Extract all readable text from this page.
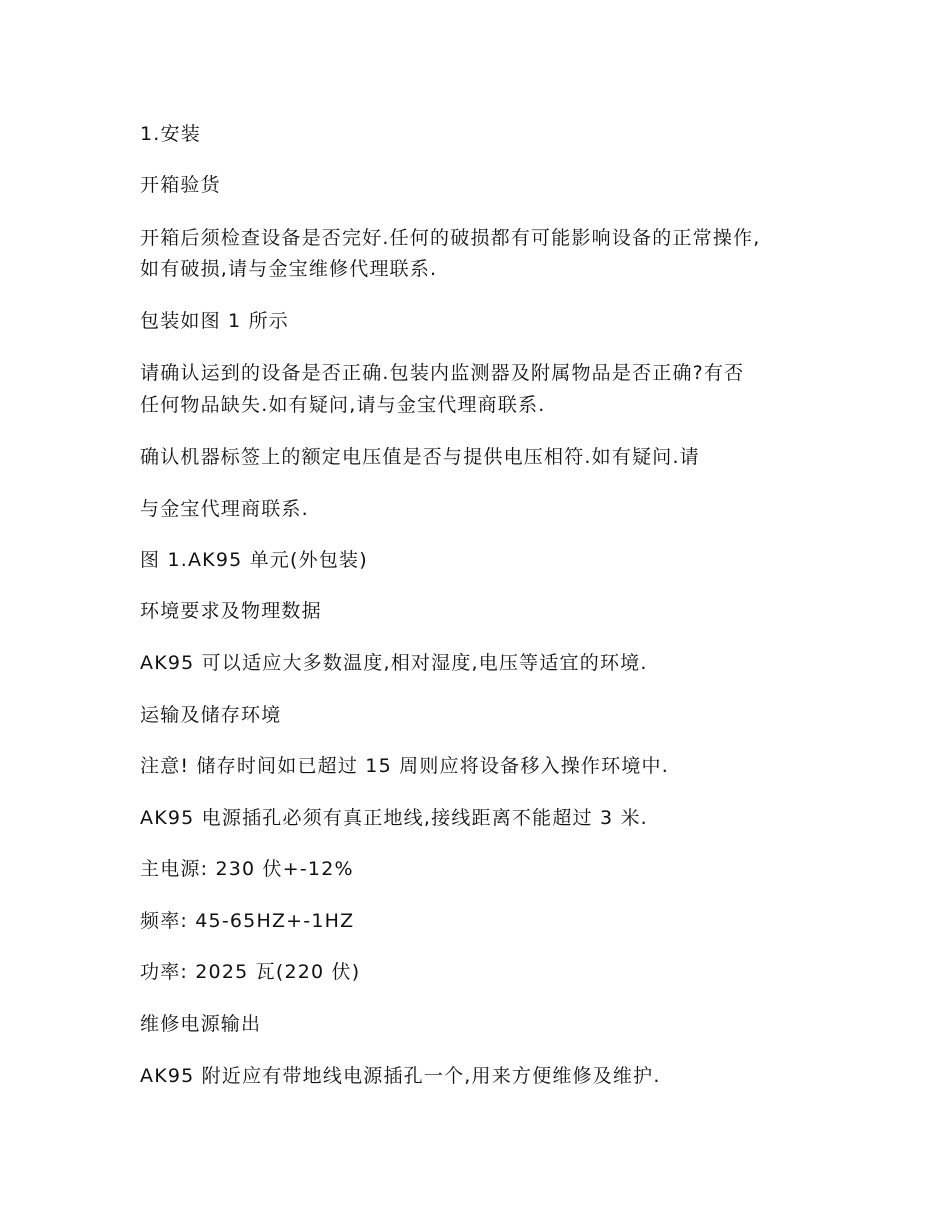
1.安装
开箱验货
开箱后须检查设备是否完好.任何的破损都有可能影响设备的正常操作,
如有破损,请与金宝维修代理联系.
包装如图 1 所示
请确认运到的设备是否正确.包装内监测器及附属物品是否正确?有否
任何物品缺失.如有疑问,请与金宝代理商联系.
确认机器标签上的额定电压值是否与提供电压相符.如有疑问.请
与金宝代理商联系.
图 1.AK95 单元(外包装)
环境要求及物理数据
AK95 可以适应大多数温度,相对湿度,电压等适宜的环境.
运输及储存环境
注意! 储存时间如已超过 15 周则应将设备移入操作环境中.
AK95 电源插孔必须有真正地线,接线距离不能超过 3 米.
主电源: 230 伏+-12%
频率: 45-65HZ+-1HZ
功率: 2025 瓦(220 伏)
维修电源输出
AK95 附近应有带地线电源插孔一个,用来方便维修及维护.
